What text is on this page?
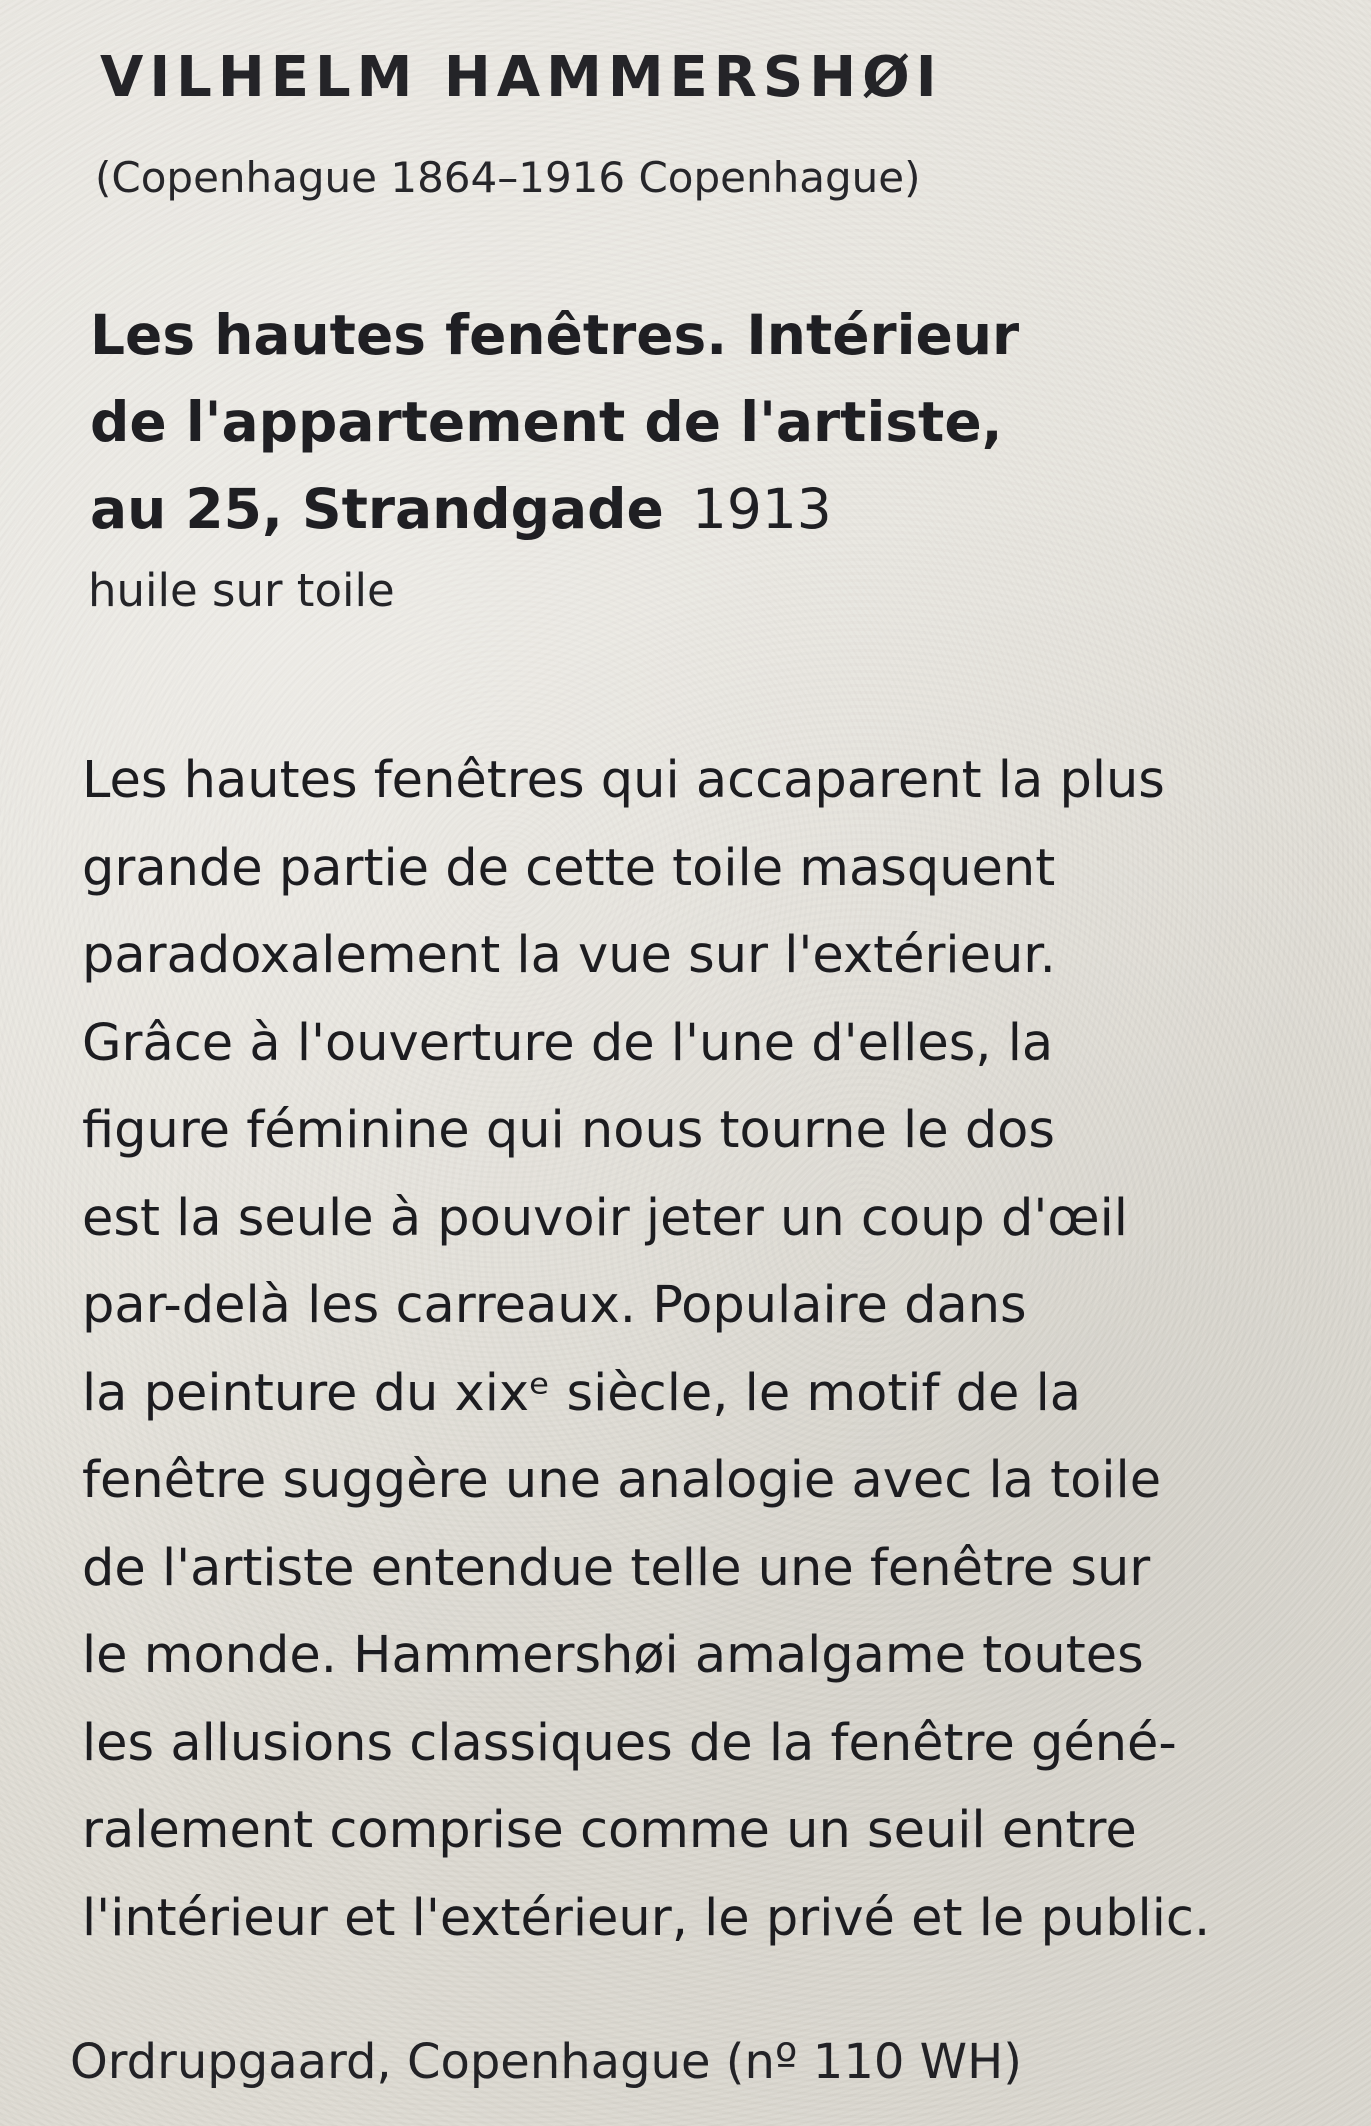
VILHELM HAMMERSHØI

(Copenhague 1864–1916 Copenhague)

Les hautes fenêtres. Intérieur
de l'appartement de l'artiste,
au 25, Strandgade 1913

huile sur toile

Les hautes fenêtres qui accaparent la plus
grande partie de cette toile masquent
paradoxalement la vue sur l'extérieur.
Grâce à l'ouverture de l'une d'elles, la
figure féminine qui nous tourne le dos
est la seule à pouvoir jeter un coup d'œil
par-delà les carreaux. Populaire dans
la peinture du xixᵉ siècle, le motif de la
fenêtre suggère une analogie avec la toile
de l'artiste entendue telle une fenêtre sur
le monde. Hammershøi amalgame toutes
les allusions classiques de la fenêtre géné-
ralement comprise comme un seuil entre
l'intérieur et l'extérieur, le privé et le public.

Ordrupgaard, Copenhague (nº 110 WH)
